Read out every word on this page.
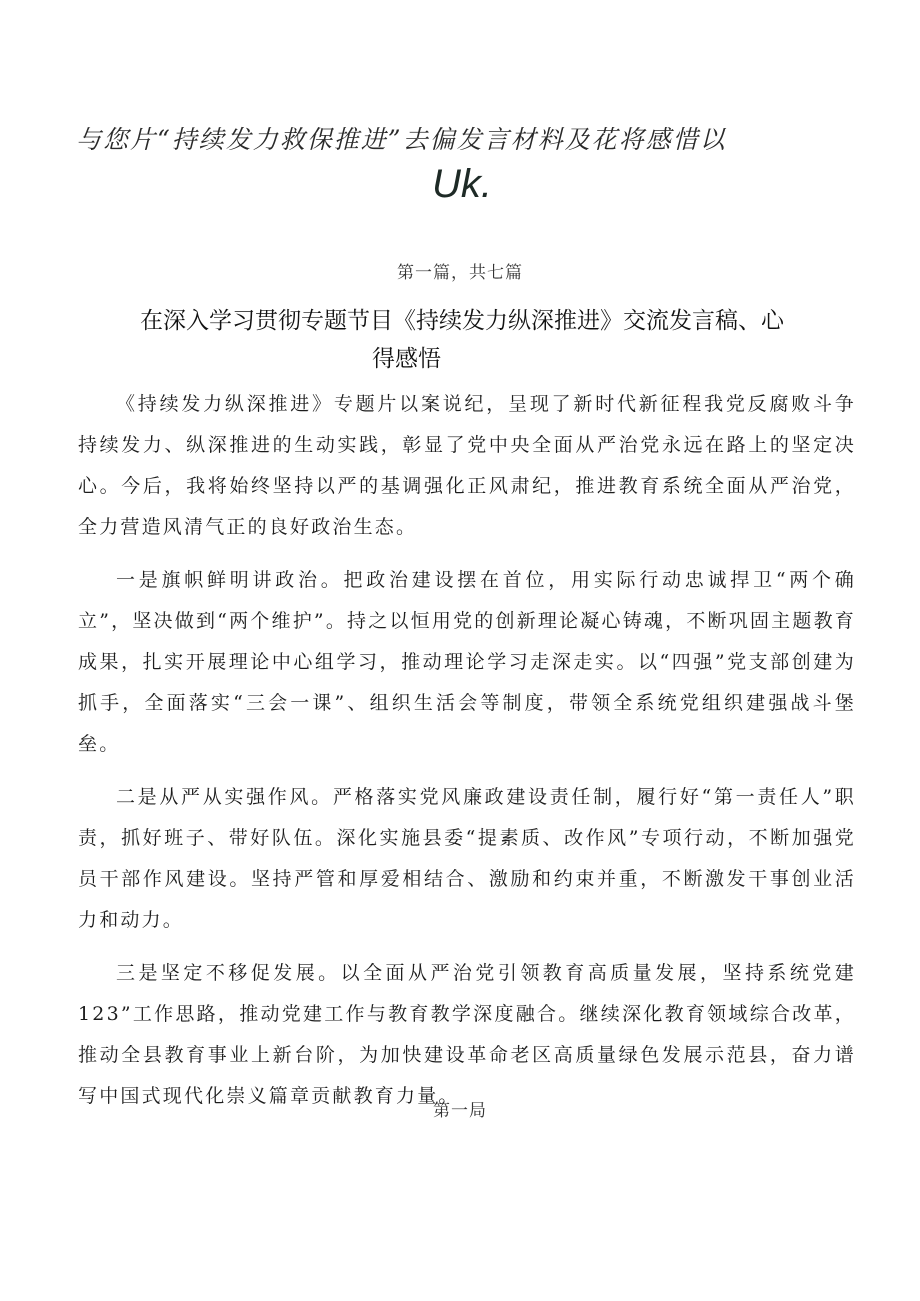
与您片“持续发力救保推进”去偏发言材料及花将感惜以
Uk.
第一篇，共七篇
在深入学习贯彻专题节目《持续发力纵深推进》交流发言稿、心
得感悟

《持续发力纵深推进》专题片以案说纪，呈现了新时代新征程我党反腐败斗争持续发力、纵深推进的生动实践，彰显了党中央全面从严治党永远在路上的坚定决心。今后，我将始终坚持以严的基调强化正风肃纪，推进教育系统全面从严治党，全力营造风清气正的良好政治生态。

一是旗帜鲜明讲政治。把政治建设摆在首位，用实际行动忠诚捍卫“两个确立”，坚决做到“两个维护”。持之以恒用党的创新理论凝心铸魂，不断巩固主题教育成果，扎实开展理论中心组学习，推动理论学习走深走实。以“四强”党支部创建为抓手，全面落实“三会一课”、组织生活会等制度，带领全系统党组织建强战斗堡垒。

二是从严从实强作风。严格落实党风廉政建设责任制，履行好“第一责任人”职责，抓好班子、带好队伍。深化实施县委“提素质、改作风”专项行动，不断加强党员干部作风建设。坚持严管和厚爱相结合、激励和约束并重，不断激发干事创业活力和动力。

三是坚定不移促发展。以全面从严治党引领教育高质量发展，坚持系统党建123”工作思路，推动党建工作与教育教学深度融合。继续深化教育领域综合改革，推动全县教育事业上新台阶，为加快建设革命老区高质量绿色发展示范县，奋力谱写中国式现代化崇义篇章贡献教育力量。

第一局
